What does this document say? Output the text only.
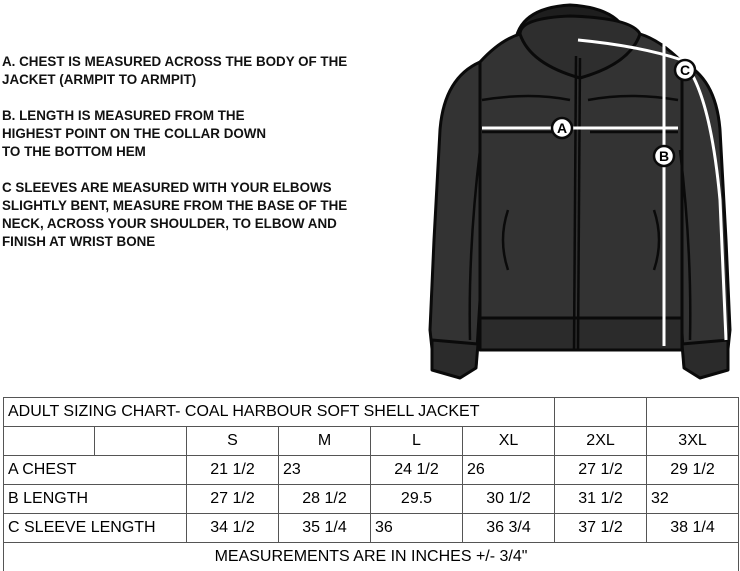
A. CHEST IS MEASURED ACROSS THE BODY OF THE
JACKET (ARMPIT TO ARMPIT)

B. LENGTH IS MEASURED FROM THE
HIGHEST POINT ON THE COLLAR DOWN
TO THE BOTTOM HEM

C SLEEVES ARE MEASURED WITH YOUR ELBOWS
SLIGHTLY BENT, MEASURE FROM THE BASE OF THE
NECK, ACROSS YOUR SHOULDER, TO ELBOW AND
FINISH AT WRIST BONE

A
B
C
ADULT SIZING CHART- COAL HARBOUR SOFT SHELL JACKET							
		S	M	L	XL	2XL	3XL
A CHEST		21 1/2	23	24 1/2	26	27 1/2	29 1/2
B LENGTH		27 1/2	28 1/2	29.5	30 1/2	31 1/2	32
C SLEEVE LENGTH		34 1/2	35 1/4	36	36 3/4	37 1/2	38 1/4
MEASUREMENTS ARE IN INCHES +/- 3/4"							
